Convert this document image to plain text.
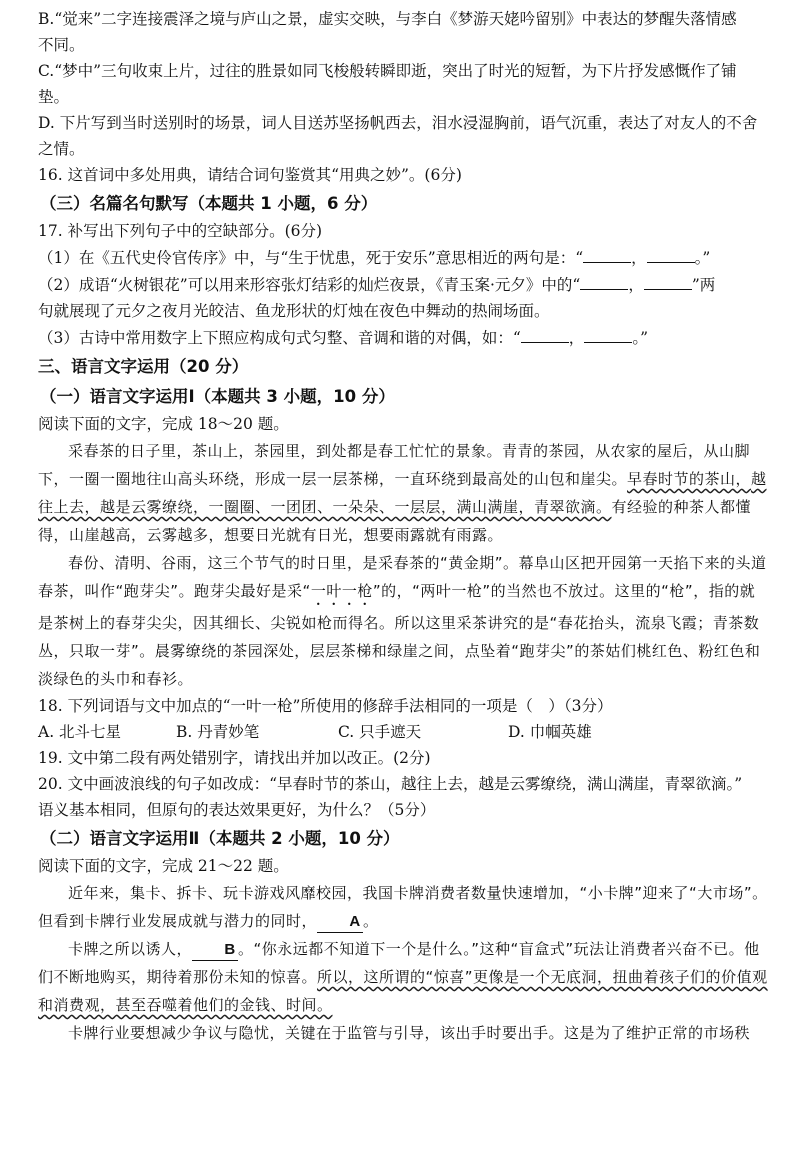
B.“觉来”二字连接震泽之境与庐山之景，虚实交映，与李白《梦游天姥吟留别》中表达的梦醒失落情感
不同。

C.“梦中”三句收束上片，过往的胜景如同飞梭般转瞬即逝，突出了时光的短暂，为下片抒发感慨作了铺
垫。

D. 下片写到当时送别时的场景，词人目送苏坚扬帆西去，泪水浸湿胸前，语气沉重，表达了对友人的不舍
之情。

16. 这首词中多处用典，请结合词句鉴赏其“用典之妙”。(6分)

（三）名篇名句默写（本题共 1 小题，6 分）

17. 补写出下列句子中的空缺部分。(6分)

（1）在《五代史伶官传序》中，与“生于忧患，死于安乐”意思相近的两句是：“	，	。”

（2）成语“火树银花”可以用来形容张灯结彩的灿烂夜景，《青玉案·元夕》中的“	，	”两
句就展现了元夕之夜月光皎洁、鱼龙形状的灯烛在夜色中舞动的热闹场面。

（3）古诗中常用数字上下照应构成句式匀整、音调和谐的对偶，如：“	，	。”

三、语言文字运用（20 分）

（一）语言文字运用Ⅰ（本题共 3 小题，10 分）

阅读下面的文字，完成 18～20 题。

采春茶的日子里，茶山上，茶园里，到处都是春工忙忙的景象。青青的茶园，从农家的屋后，从山脚下，一圈一圈地往山高头环绕，形成一层一层茶梯，一直环绕到最高处的山包和崖尖。早春时节的茶山，越往上去，越是云雾缭绕，一圈圈、一团团、一朵朵、一层层，满山满崖，青翠欲滴。有经验的种茶人都懂得，山崖越高，云雾越多，想要日光就有日光，想要雨露就有雨露。

春份、清明、谷雨，这三个节气的时日里，是采春茶的“黄金期”。幕阜山区把开园第一天掐下来的头道春茶，叫作“跑芽尖”。跑芽尖最好是采“一叶一枪”的，“两叶一枪”的当然也不放过。这里的“枪”，指的就是茶树上的春芽尖尖，因其细长、尖锐如枪而得名。所以这里采茶讲究的是“春花抬头，流泉飞霞；青茶数丛，只取一芽”。晨雾缭绕的茶园深处，层层茶梯和绿崖之间，点坠着“跑芽尖”的茶姑们桃红色、粉红色和淡绿色的头巾和春衫。

18. 下列词语与文中加点的“一叶一枪”所使用的修辞手法相同的一项是（　）（3分）

A. 北斗七星	B. 丹青妙笔	C. 只手遮天	D. 巾帼英雄

19. 文中第二段有两处错别字，请找出并加以改正。(2分)

20. 文中画波浪线的句子如改成：“早春时节的茶山，越往上去，越是云雾缭绕，满山满崖，青翠欲滴。”
语义基本相同，但原句的表达效果更好，为什么？（5分）

（二）语言文字运用Ⅱ（本题共 2 小题，10 分）

阅读下面的文字，完成 21～22 题。

近年来，集卡、拆卡、玩卡游戏风靡校园，我国卡牌消费者数量快速增加，“小卡牌”迎来了“大市场”。但看到卡牌行业发展成就与潜力的同时， A 。

卡牌之所以诱人， B 。“你永远都不知道下一个是什么。”这种“盲盒式”玩法让消费者兴奋不已。他们不断地购买，期待着那份未知的惊喜。所以，这所谓的“惊喜”更像是一个无底洞，扭曲着孩子们的价值观和消费观，甚至吞噬着他们的金钱、时间。

卡牌行业要想减少争议与隐忧，关键在于监管与引导，该出手时要出手。这是为了维护正常的市场秩
